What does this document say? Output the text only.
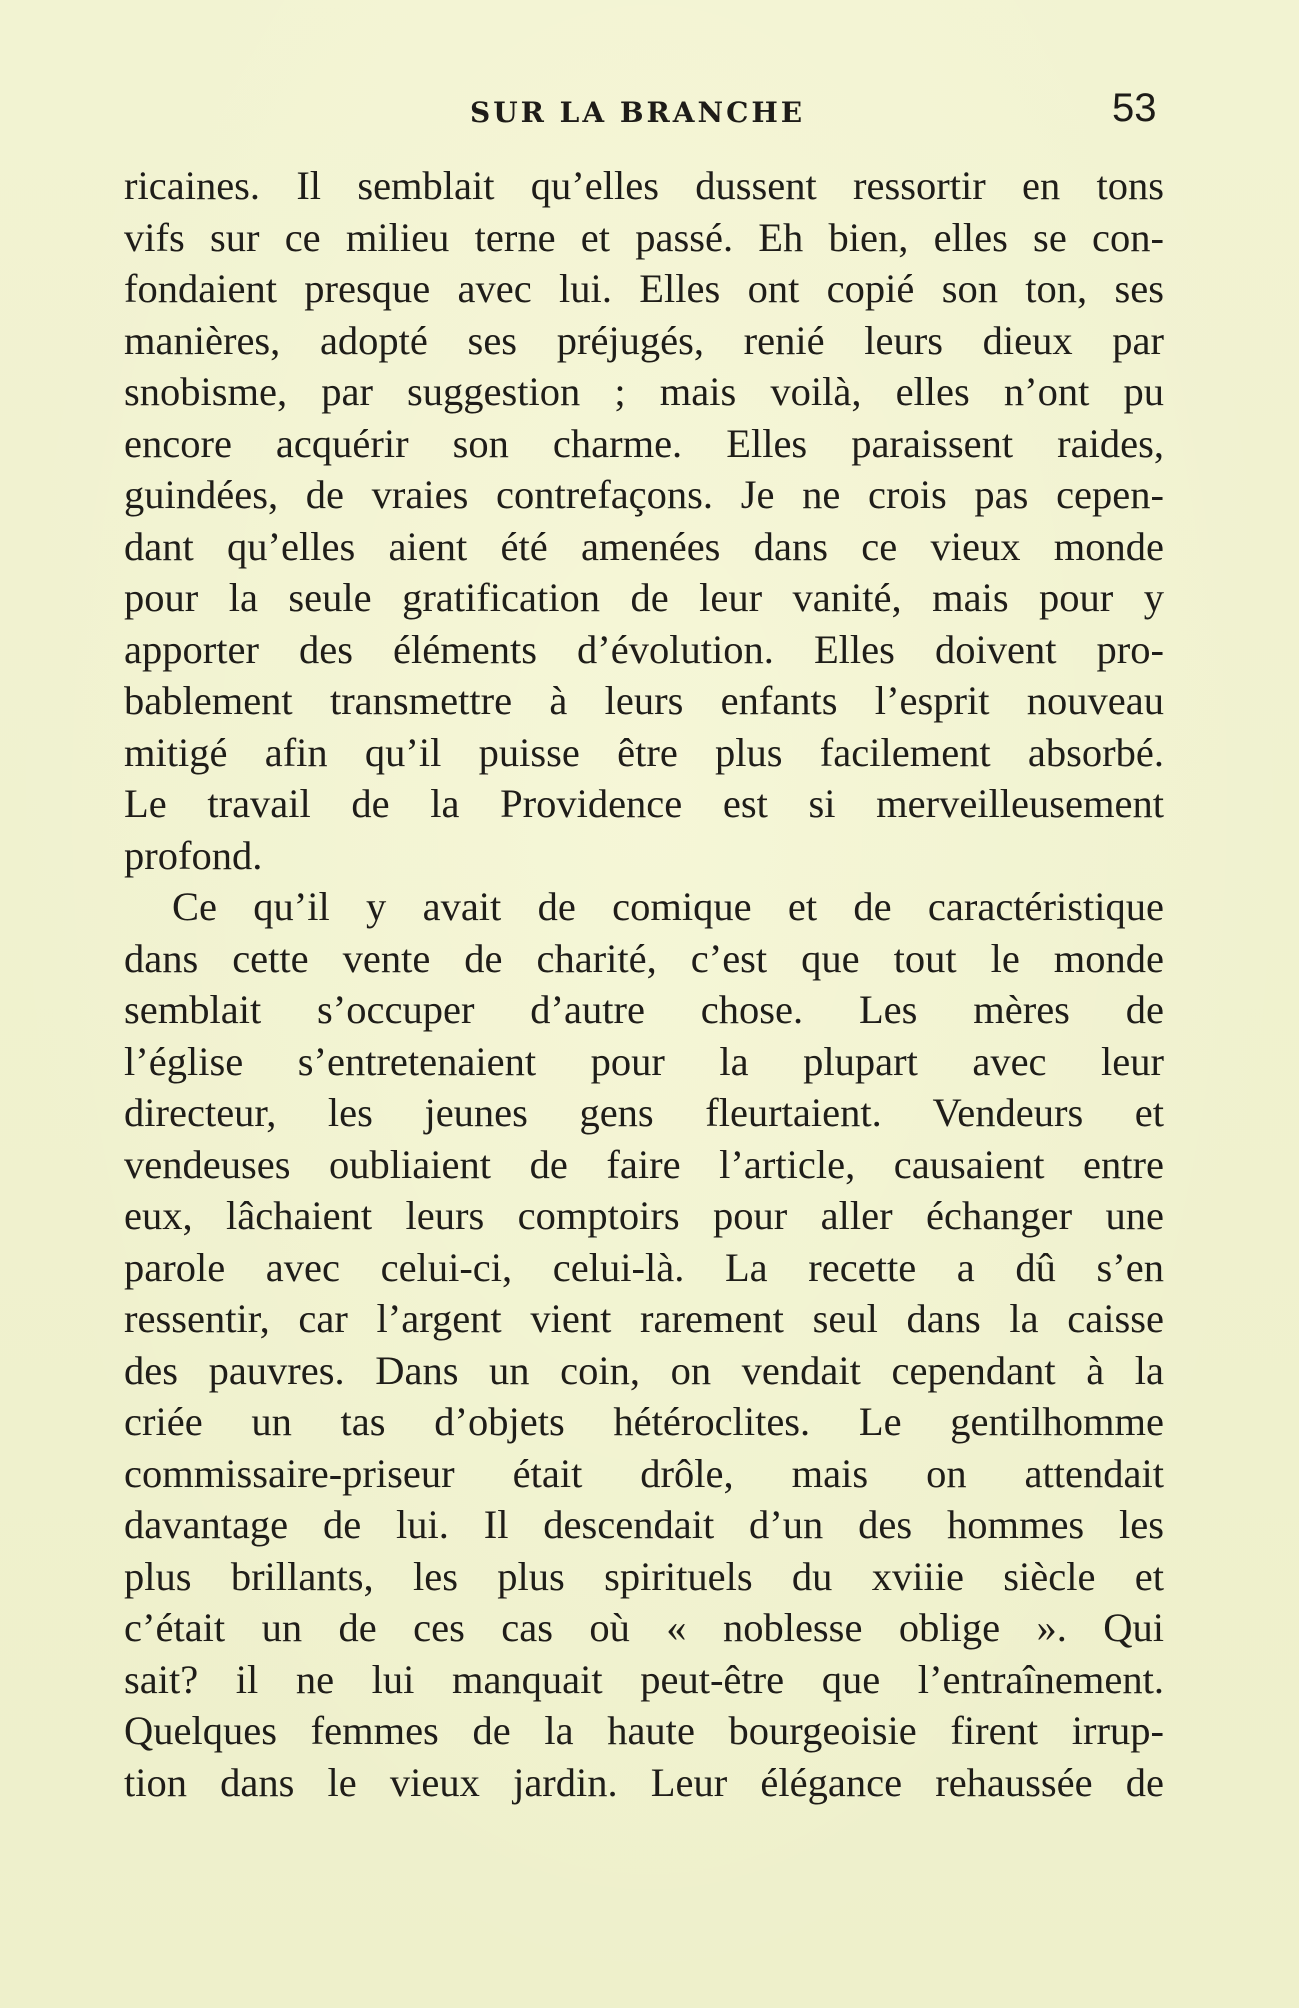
SUR LA BRANCHE	53
ricaines. Il semblait qu’elles dussent ressortir en tons
vifs sur ce milieu terne et passé. Eh bien, elles se con-
fondaient presque avec lui. Elles ont copié son ton, ses
manières, adopté ses préjugés, renié leurs dieux par
snobisme, par suggestion ; mais voilà, elles n’ont pu
encore acquérir son charme. Elles paraissent raides,
guindées, de vraies contrefaçons. Je ne crois pas cepen-
dant qu’elles aient été amenées dans ce vieux monde
pour la seule gratification de leur vanité, mais pour y
apporter des éléments d’évolution. Elles doivent pro-
bablement transmettre à leurs enfants l’esprit nouveau
mitigé afin qu’il puisse être plus facilement absorbé.
Le travail de la Providence est si merveilleusement
profond.
Ce qu’il y avait de comique et de caractéristique
dans cette vente de charité, c’est que tout le monde
semblait s’occuper d’autre chose. Les mères de
l’église s’entretenaient pour la plupart avec leur
directeur, les jeunes gens fleurtaient. Vendeurs et
vendeuses oubliaient de faire l’article, causaient entre
eux, lâchaient leurs comptoirs pour aller échanger une
parole avec celui-ci, celui-là. La recette a dû s’en
ressentir, car l’argent vient rarement seul dans la caisse
des pauvres. Dans un coin, on vendait cependant à la
criée un tas d’objets hétéroclites. Le gentilhomme
commissaire-priseur était drôle, mais on attendait
davantage de lui. Il descendait d’un des hommes les
plus brillants, les plus spirituels du xviiie siècle et
c’était un de ces cas où « noblesse oblige ». Qui
sait? il ne lui manquait peut-être que l’entraînement.
Quelques femmes de la haute bourgeoisie firent irrup-
tion dans le vieux jardin. Leur élégance rehaussée de
